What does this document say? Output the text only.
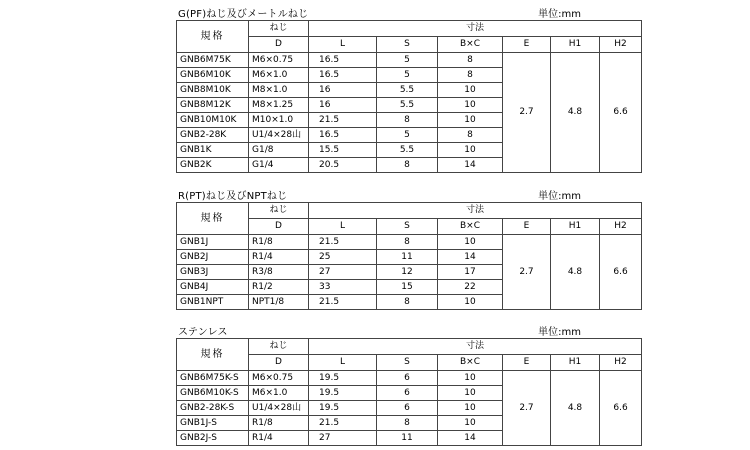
G(PF)ねじ及びメートルねじ	単位:mm
規格	ねじ	寸法					
	D	L	S	B×C	E	H1	H2
GNB6M75K	M6×0.75	16.5	5	8	2.7	4.8	6.6
GNB6M10K	M6×1.0	16.5	5	8			
GNB8M10K	M8×1.0	16	5.5	10			
GNB8M12K	M8×1.25	16	5.5	10			
GNB10M10K	M10×1.0	21.5	8	10			
GNB2-28K	U1/4×28山	16.5	5	8			
GNB1K	G1/8	15.5	5.5	10			
GNB2K	G1/4	20.5	8	14			
R(PT)ねじ及びNPTねじ	単位:mm
規格	ねじ	寸法					
	D	L	S	B×C	E	H1	H2
GNB1J	R1/8	21.5	8	10	2.7	4.8	6.6
GNB2J	R1/4	25	11	14			
GNB3J	R3/8	27	12	17			
GNB4J	R1/2	33	15	22			
GNB1NPT	NPT1/8	21.5	8	10			
ステンレス	単位:mm
規格	ねじ	寸法					
	D	L	S	B×C	E	H1	H2
GNB6M75K-S	M6×0.75	19.5	6	10	2.7	4.8	6.6
GNB6M10K-S	M6×1.0	19.5	6	10			
GNB2-28K-S	U1/4×28山	19.5	6	10			
GNB1J-S	R1/8	21.5	8	10			
GNB2J-S	R1/4	27	11	14			
